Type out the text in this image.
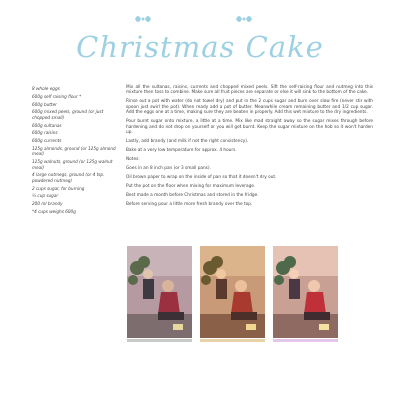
Christmas Cake
8 whole eggs
600g self raising flour *
600g butter
600g mixed peels, ground (or just chopped small)
600g sultanas
600g raisins
600g currents
125g almonds, ground (or 125g almond meal)
125g walnuts, ground (or 125g walnut meal)
4 large nutmegs, ground (or 4 tsp. powdered nutmeg)
2 cups sugar, for burning
½ cup sugar
200 ml brandy
*4 cups weighs 600g

Mix all the sultanas, raisins, currents and chopped mixed peels. Sift the self-raising flour and nutmeg into this mixture then toss to combine. Make sure all fruit pieces are separate or else it will sink to the bottom of the cake.

Rinse out a pot with water (do not towel dry) and put in the 2 cups sugar and burn over slow fire (never stir with spoon just swirl the pot). When ready add a pot of butter. Meanwhile cream remaining butter and 1/2 cup sugar. Add the eggs one at a time, making sure they are beaten in properly. Add this wet mixture to the dry ingredients.

Pour burnt sugar onto mixture, a little at a time. Mix like mad straight away so the sugar mixes through before hardening and do not drop on yourself or you will get burnt. Keep the sugar mixture on the hob so it won't harden up.

Lastly, add brandy (and milk if not the right consistency).

Bake at a very low temperature for approx. 4 hours.

Notes:

Goes in an 8 inch pan (or 3 small pans).

Oil brown paper to wrap on the inside of pan so that it doesn't dry out.

Put the pot on the floor when mixing for maximum leverage.

Best made a month before Christmas and stored in the fridge.

Before serving pour a little more fresh brandy over the top.
